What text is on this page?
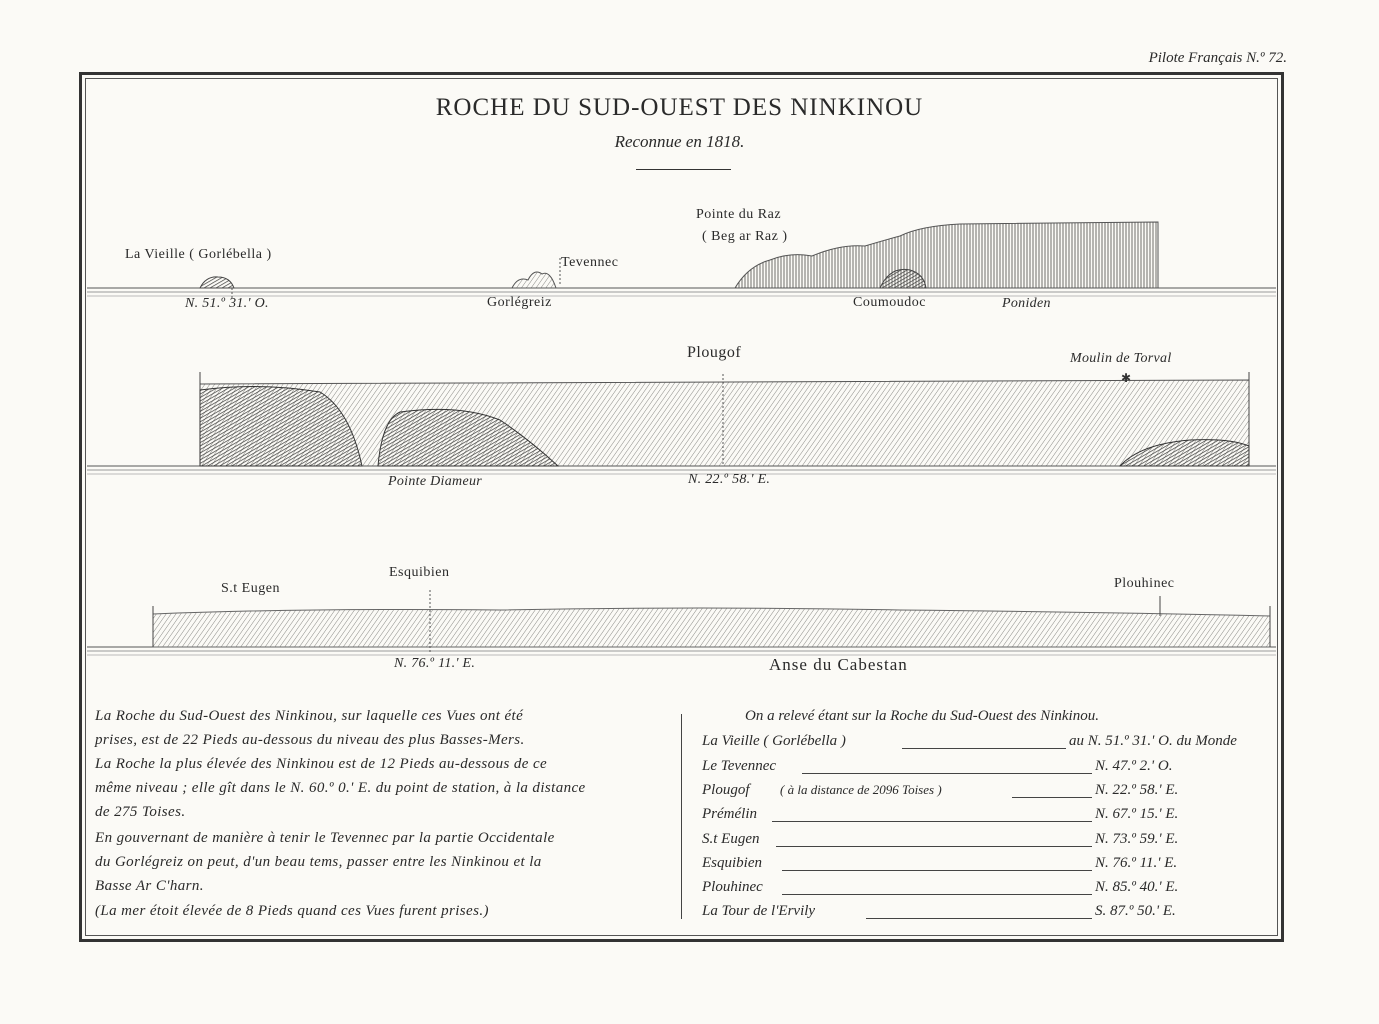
Pilote Français N.º 72.
ROCHE DU SUD-OUEST DES NINKINOU
Reconnue en 1818.
✱
La Vieille ( Gorlébella )
Tevennec
Pointe du Raz
( Beg ar Raz )
N. 51.º 31.' O.	Gorlégreiz	Coumoudoc	Poniden
Plougof	Moulin de Torval
Pointe Diameur	N. 22.º 58.' E.
S.t Eugen
Esquibien
Plouhinec
N. 76.º 11.' E.	Anse du Cabestan
La Roche du Sud-Ouest des Ninkinou, sur laquelle ces Vues ont été
prises, est de 22 Pieds au-dessous du niveau des plus Basses-Mers.
La Roche la plus élevée des Ninkinou est de 12 Pieds au-dessous de ce
même niveau ; elle gît dans le N. 60.º 0.' E. du point de station, à la distance
de 275 Toises.
En gouvernant de manière à tenir le Tevennec par la partie Occidentale
du Gorlégreiz on peut, d'un beau tems, passer entre les Ninkinou et la
Basse Ar C'harn.
(La mer étoit élevée de 8 Pieds quand ces Vues furent prises.)
On a relevé étant sur la Roche du Sud-Ouest des Ninkinou.
La Vieille ( Gorlébella )	au N. 51.º 31.' O. du Monde
Le Tevennec	N. 47.º 2.' O.
Plougof ( à la distance de 2096 Toises )	N. 22.º 58.' E.
Prémélin	N. 67.º 15.' E.
S.t Eugen	N. 73.º 59.' E.
Esquibien	N. 76.º 11.' E.
Plouhinec	N. 85.º 40.' E.
La Tour de l'Ervily	S. 87.º 50.' E.
